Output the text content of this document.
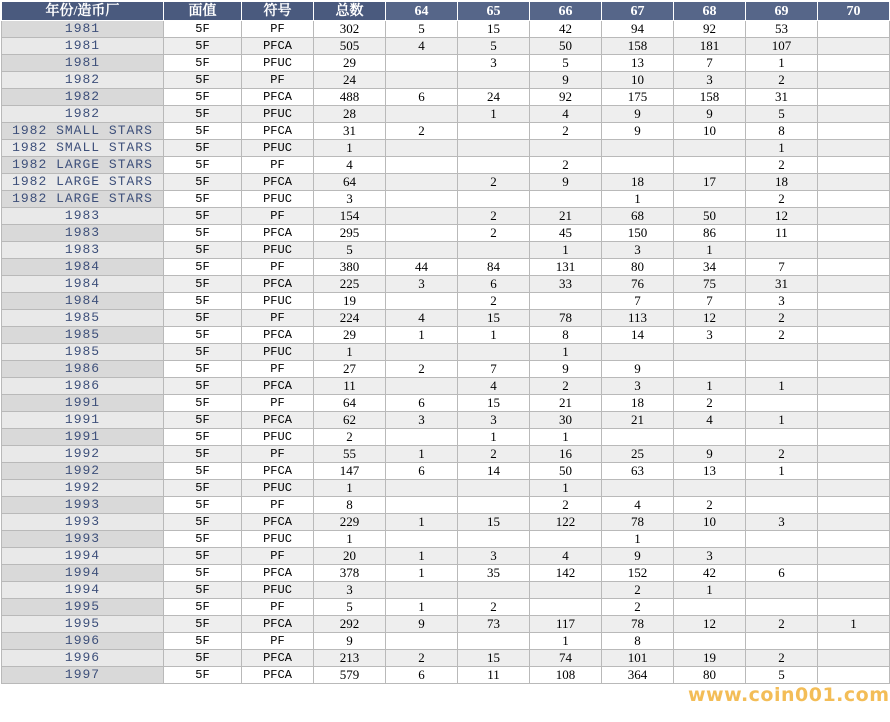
年份/造币厂	面值	符号	总数	64	65	66	67	68	69	70
1981	5F	PF	302	5	15	42	94	92	53	
1981	5F	PFCA	505	4	5	50	158	181	107	
1981	5F	PFUC	29		3	5	13	7	1	
1982	5F	PF	24			9	10	3	2	
1982	5F	PFCA	488	6	24	92	175	158	31	
1982	5F	PFUC	28		1	4	9	9	5	
1982 SMALL STARS	5F	PFCA	31	2		2	9	10	8	
1982 SMALL STARS	5F	PFUC	1						1	
1982 LARGE STARS	5F	PF	4			2			2	
1982 LARGE STARS	5F	PFCA	64		2	9	18	17	18	
1982 LARGE STARS	5F	PFUC	3				1		2	
1983	5F	PF	154		2	21	68	50	12	
1983	5F	PFCA	295		2	45	150	86	11	
1983	5F	PFUC	5			1	3	1		
1984	5F	PF	380	44	84	131	80	34	7	
1984	5F	PFCA	225	3	6	33	76	75	31	
1984	5F	PFUC	19		2		7	7	3	
1985	5F	PF	224	4	15	78	113	12	2	
1985	5F	PFCA	29	1	1	8	14	3	2	
1985	5F	PFUC	1			1				
1986	5F	PF	27	2	7	9	9			
1986	5F	PFCA	11		4	2	3	1	1	
1991	5F	PF	64	6	15	21	18	2		
1991	5F	PFCA	62	3	3	30	21	4	1	
1991	5F	PFUC	2		1	1				
1992	5F	PF	55	1	2	16	25	9	2	
1992	5F	PFCA	147	6	14	50	63	13	1	
1992	5F	PFUC	1			1				
1993	5F	PF	8			2	4	2		
1993	5F	PFCA	229	1	15	122	78	10	3	
1993	5F	PFUC	1				1			
1994	5F	PF	20	1	3	4	9	3		
1994	5F	PFCA	378	1	35	142	152	42	6	
1994	5F	PFUC	3				2	1		
1995	5F	PF	5	1	2		2			
1995	5F	PFCA	292	9	73	117	78	12	2	1
1996	5F	PF	9			1	8			
1996	5F	PFCA	213	2	15	74	101	19	2	
1997	5F	PFCA	579	6	11	108	364	80	5	
www.coin001.com
